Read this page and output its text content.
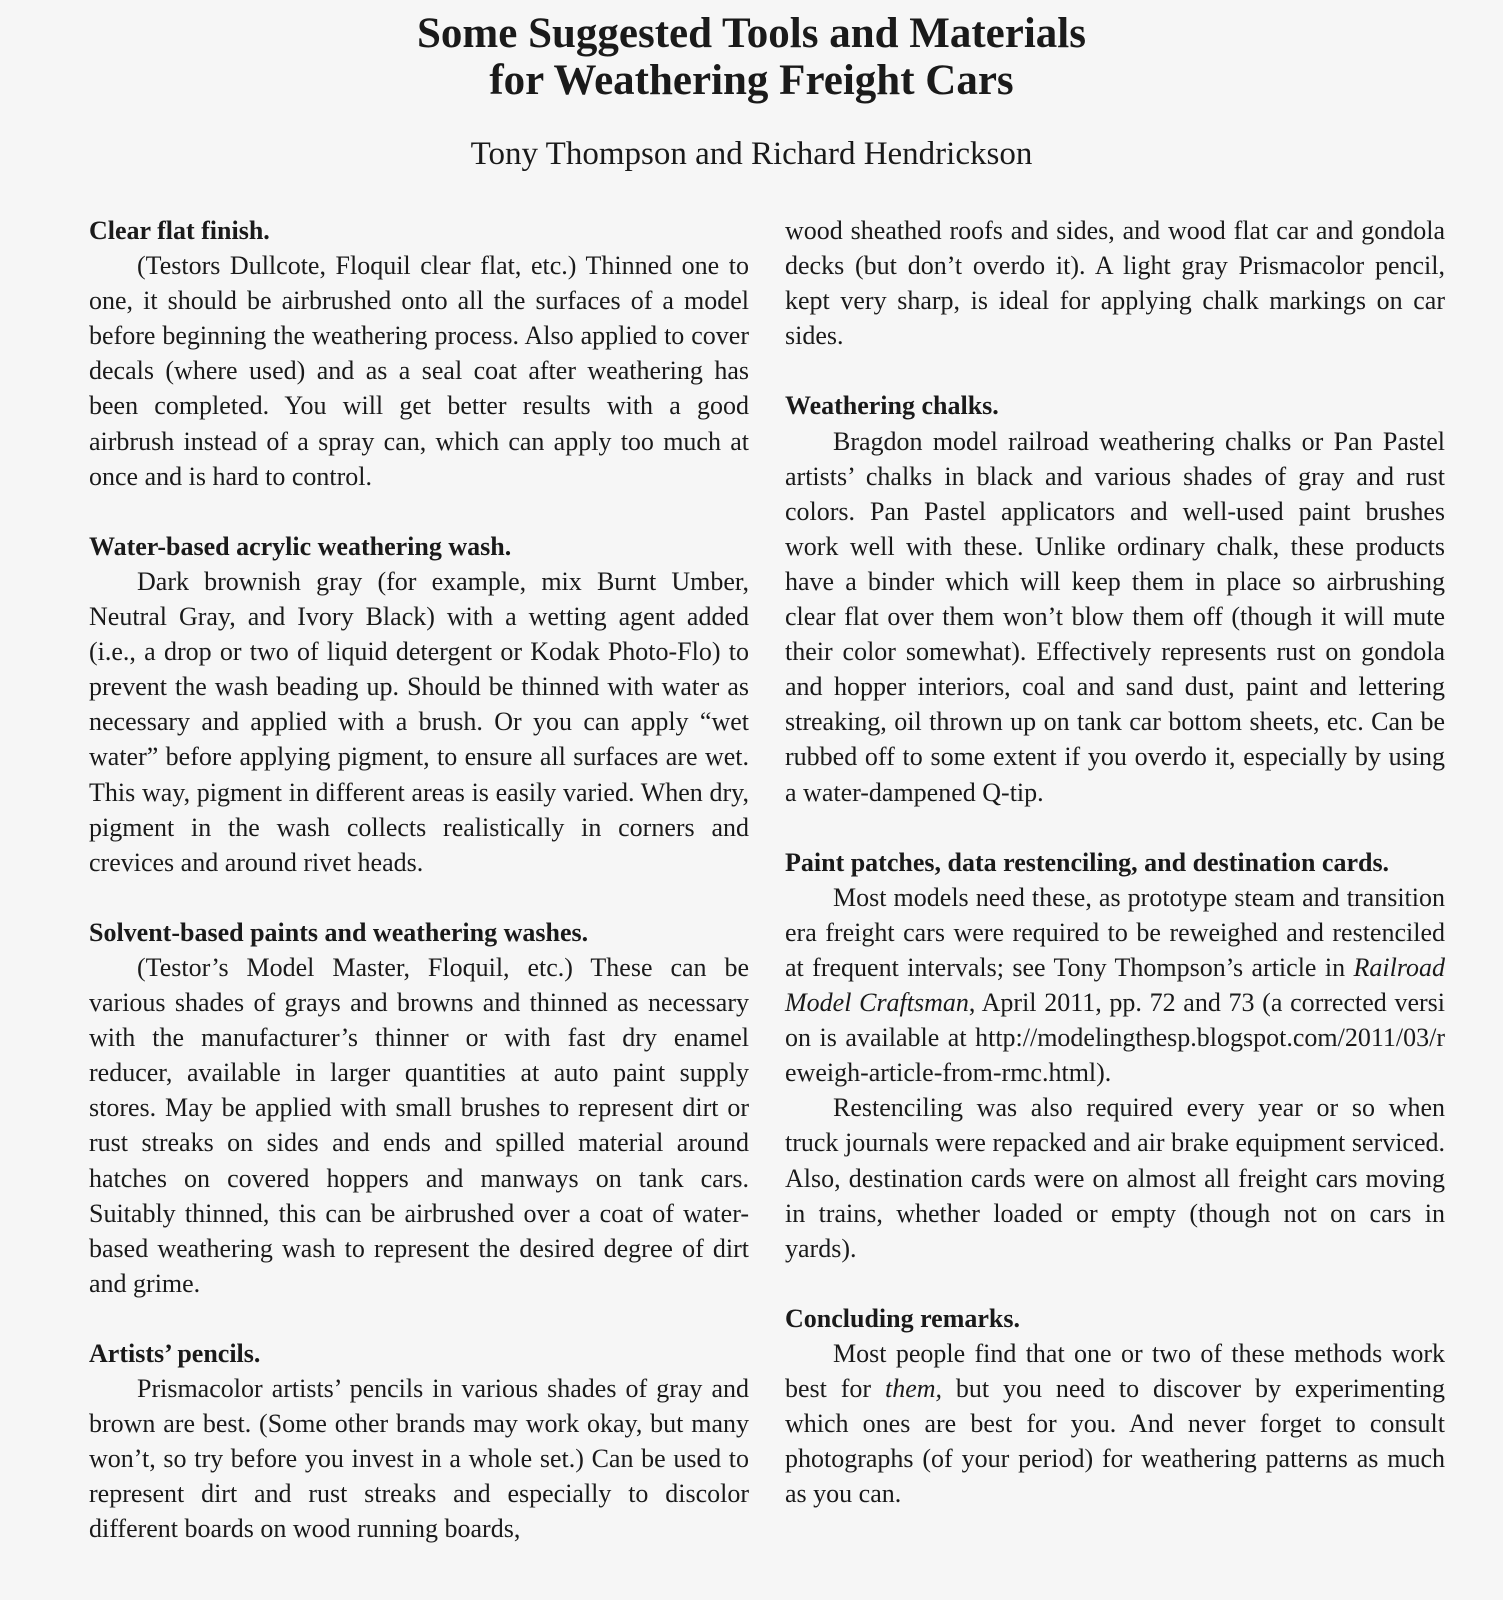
Some Suggested Tools and Materials
for Weathering Freight Cars
Tony Thompson and Richard Hendrickson
Clear flat finish.

(Testors Dullcote, Floquil clear flat, etc.) Thinned one to one, it should be airbrushed onto all the surfaces of a model before beginning the weathering process. Also applied to cover decals (where used) and as a seal coat after weathering has been completed. You will get better results with a good airbrush instead of a spray can, which can apply too much at once and is hard to control.

Water-based acrylic weathering wash.

Dark brownish gray (for example, mix Burnt Umber, Neutral Gray, and Ivory Black) with a wetting agent added (i.e., a drop or two of liquid detergent or Kodak Photo-Flo) to prevent the wash beading up. Should be thinned with water as necessary and applied with a brush. Or you can apply “wet water” before applying pigment, to ensure all surfaces are wet. This way, pigment in different areas is easily varied. When dry, pigment in the wash collects realistically in corners and crevices and around rivet heads.

Solvent-based paints and weathering washes.

(Testor’s Model Master, Floquil, etc.) These can be various shades of grays and browns and thinned as necessary with the manufacturer’s thinner or with fast dry enamel reducer, available in larger quantities at auto paint supply stores. May be applied with small brushes to represent dirt or rust streaks on sides and ends and spilled material around hatches on covered hoppers and manways on tank cars. Suitably thinned, this can be airbrushed over a coat of water-based weathering wash to represent the desired degree of dirt and grime.

Artists’ pencils.

Prismacolor artists’ pencils in various shades of gray and brown are best. (Some other brands may work okay, but many won’t, so try before you invest in a whole set.) Can be used to represent dirt and rust streaks and especially to discolor different boards on wood running boards,

wood sheathed roofs and sides, and wood flat car and gondola decks (but don’t overdo it). A light gray Prismacolor pencil, kept very sharp, is ideal for applying chalk markings on car sides.
Weathering chalks.

Bragdon model railroad weathering chalks or Pan Pastel artists’ chalks in black and various shades of gray and rust colors. Pan Pastel applicators and well-used paint brushes work well with these. Unlike ordinary chalk, these products have a binder which will keep them in place so airbrushing clear flat over them won’t blow them off (though it will mute their color somewhat). Effectively represents rust on gondola and hopper interiors, coal and sand dust, paint and lettering streaking, oil thrown up on tank car bottom sheets, etc. Can be rubbed off to some extent if you overdo it, especially by using a water-dampened Q-tip.

Paint patches, data restenciling, and destination cards.

Most models need these, as prototype steam and transition era freight cars were required to be reweighed and restenciled at frequent intervals; see Tony Thompson’s article in Railroad Model Craftsman, April 2011, pp. 72 and 73 (a corrected version is available at http://modelingthesp.blogspot.com/2011/03/reweigh-article-from-rmc.html).

Restenciling was also required every year or so when truck journals were repacked and air brake equipment serviced. Also, destination cards were on almost all freight cars moving in trains, whether loaded or empty (though not on cars in yards).

Concluding remarks.

Most people find that one or two of these methods work best for them, but you need to discover by experimenting which ones are best for you. And never forget to consult photographs (of your period) for weathering patterns as much as you can.
